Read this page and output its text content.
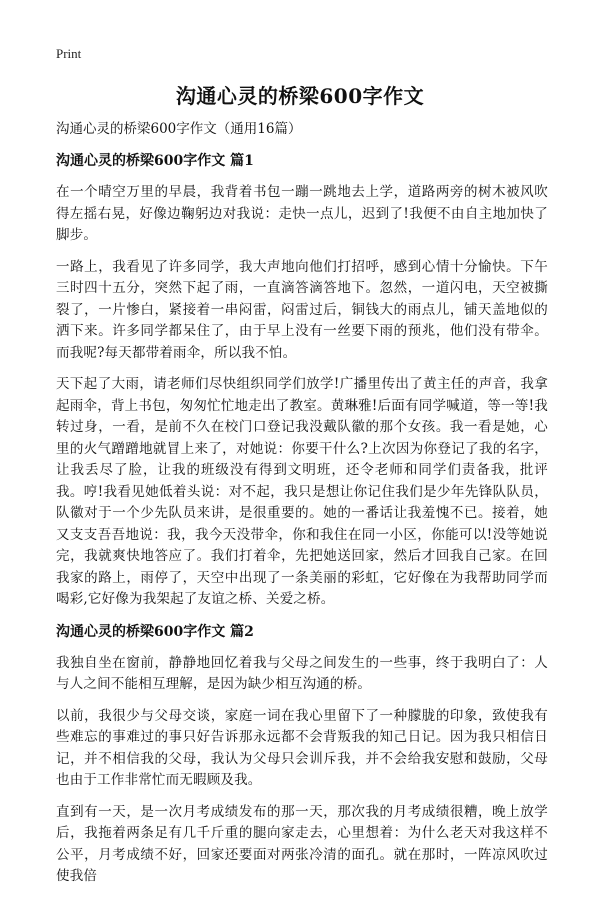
Print
沟通心灵的桥梁600字作文

沟通心灵的桥梁600字作文（通用16篇）

沟通心灵的桥梁600字作文 篇1

在一个晴空万里的早晨，我背着书包一蹦一跳地去上学，道路两旁的树木被风吹得左摇右晃，好像边鞠躬边对我说：走快一点儿，迟到了!我便不由自主地加快了脚步。

一路上，我看见了许多同学，我大声地向他们打招呼，感到心情十分愉快。下午三时四十五分，突然下起了雨，一直滴答滴答地下。忽然，一道闪电，天空被撕裂了，一片惨白，紧接着一串闷雷，闷雷过后，铜钱大的雨点儿，铺天盖地似的洒下来。许多同学都呆住了，由于早上没有一丝要下雨的预兆，他们没有带伞。而我呢?每天都带着雨伞，所以我不怕。

天下起了大雨，请老师们尽快组织同学们放学!广播里传出了黄主任的声音，我拿起雨伞，背上书包，匆匆忙忙地走出了教室。黄琳雅!后面有同学喊道，等一等!我转过身，一看，是前不久在校门口登记我没戴队徽的那个女孩。我一看是她，心里的火气蹭蹭地就冒上来了，对她说：你要干什么?上次因为你登记了我的名字，让我丢尽了脸，让我的班级没有得到文明班，还令老师和同学们责备我，批评我。哼!我看见她低着头说：对不起，我只是想让你记住我们是少年先锋队队员，队徽对于一个少先队员来讲，是很重要的。她的一番话让我羞愧不已。接着，她又支支吾吾地说：我，我今天没带伞，你和我住在同一小区，你能可以!没等她说完，我就爽快地答应了。我们打着伞，先把她送回家，然后才回我自己家。在回我家的路上，雨停了，天空中出现了一条美丽的彩虹，它好像在为我帮助同学而喝彩,它好像为我架起了友谊之桥、关爱之桥。

沟通心灵的桥梁600字作文 篇2

我独自坐在窗前，静静地回忆着我与父母之间发生的一些事，终于我明白了：人与人之间不能相互理解，是因为缺少相互沟通的桥。

以前，我很少与父母交谈，家庭一词在我心里留下了一种朦胧的印象，致使我有些难忘的事难过的事只好告诉那永远都不会背叛我的知己日记。因为我只相信日记，并不相信我的父母，我认为父母只会训斥我，并不会给我安慰和鼓励，父母也由于工作非常忙而无暇顾及我。

直到有一天，是一次月考成绩发布的那一天，那次我的月考成绩很糟，晚上放学后，我拖着两条足有几千斤重的腿向家走去，心里想着：为什么老天对我这样不公平，月考成绩不好，回家还要面对两张冷清的面孔。就在那时，一阵凉风吹过使我倍
